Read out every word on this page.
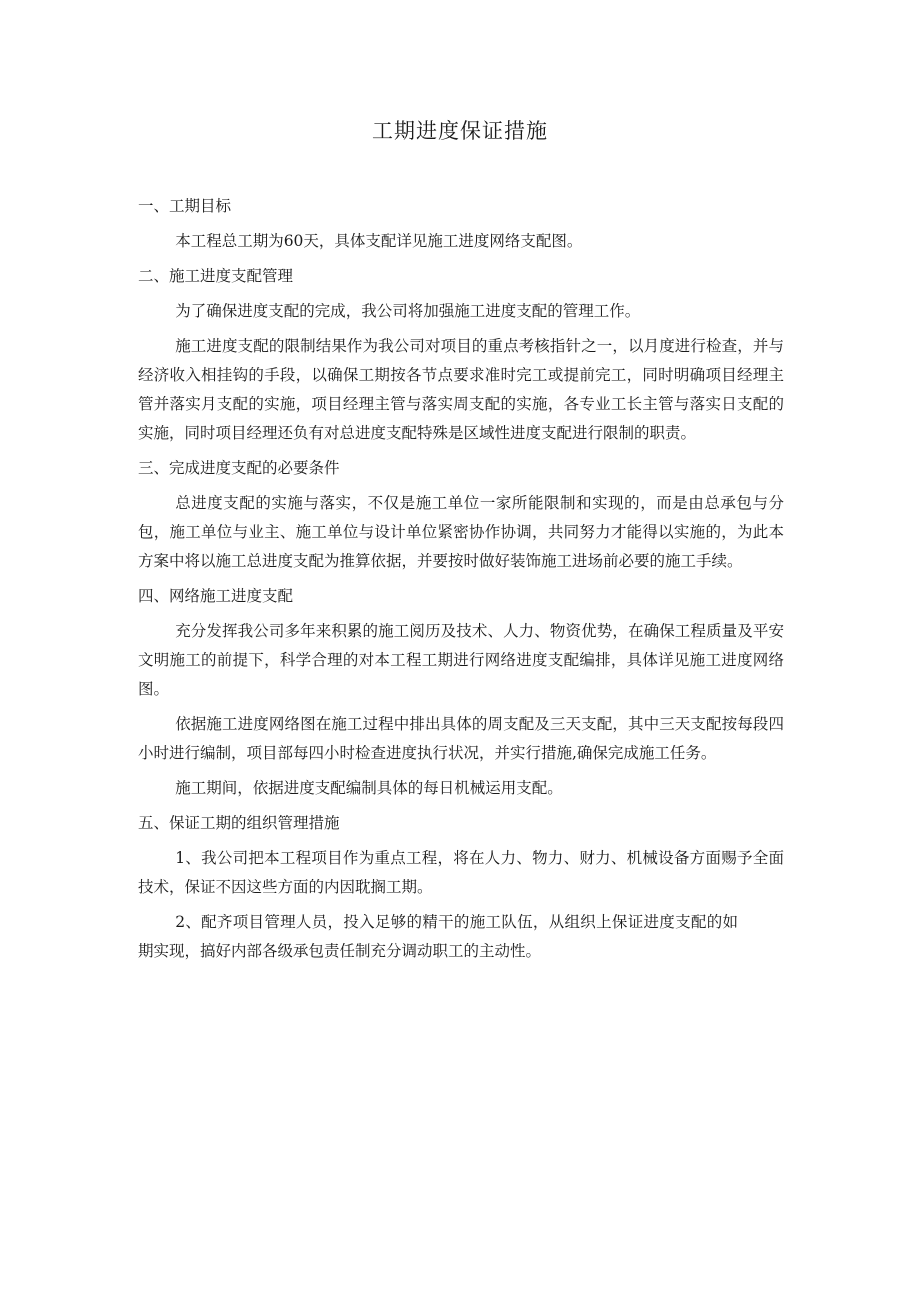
工期进度保证措施
一、工期目标
本工程总工期为60天，具体支配详见施工进度网络支配图。
二、施工进度支配管理
为了确保进度支配的完成，我公司将加强施工进度支配的管理工作。
施工进度支配的限制结果作为我公司对项目的重点考核指针之一，以月度进行检查，并与经济收入相挂钩的手段，以确保工期按各节点要求准时完工或提前完工，同时明确项目经理主管并落实月支配的实施，项目经理主管与落实周支配的实施，各专业工长主管与落实日支配的实施，同时项目经理还负有对总进度支配特殊是区域性进度支配进行限制的职责。
三、完成进度支配的必要条件
总进度支配的实施与落实，不仅是施工单位一家所能限制和实现的，而是由总承包与分包，施工单位与业主、施工单位与设计单位紧密协作协调，共同努力才能得以实施的，为此本方案中将以施工总进度支配为推算依据，并要按时做好装饰施工进场前必要的施工手续。
四、网络施工进度支配
充分发挥我公司多年来积累的施工阅历及技术、人力、物资优势，在确保工程质量及平安文明施工的前提下，科学合理的对本工程工期进行网络进度支配编排，具体详见施工进度网络图。
依据施工进度网络图在施工过程中排出具体的周支配及三天支配，其中三天支配按每段四小时进行编制，项目部每四小时检查进度执行状况，并实行措施,确保完成施工任务。
施工期间，依据进度支配编制具体的每日机械运用支配。
五、保证工期的组织管理措施
1、我公司把本工程项目作为重点工程，将在人力、物力、财力、机械设备方面赐予全面技术，保证不因这些方面的内因耽搁工期。
2、配齐项目管理人员，投入足够的精干的施工队伍，从组织上保证进度支配的如期实现，搞好内部各级承包责任制充分调动职工的主动性。
